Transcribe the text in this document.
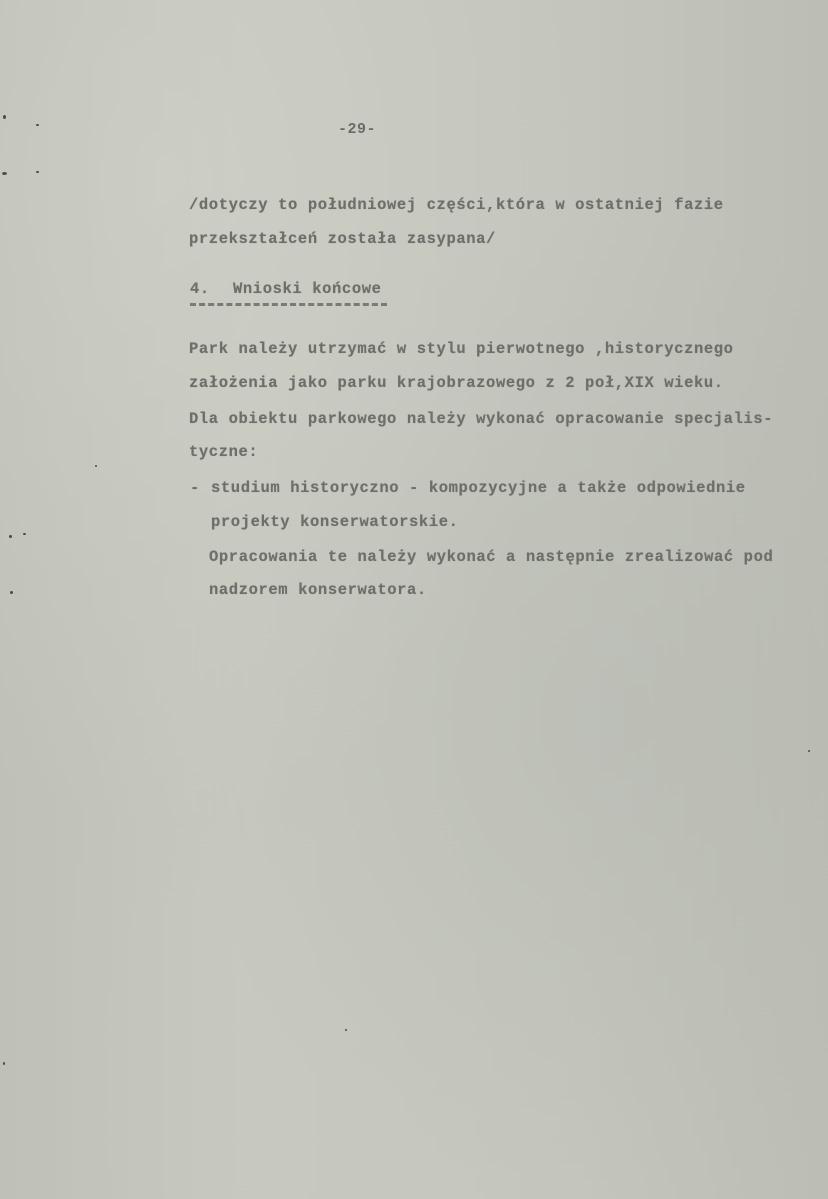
-29-
/dotyczy to południowej części,która w ostatniej fazie
przekształceń została zasypana/
4. Wnioski końcowe
Park należy utrzymać w stylu pierwotnego ,historycznego
założenia jako parku krajobrazowego z 2 poł,XIX wieku.
Dla obiektu parkowego należy wykonać opracowanie specjalis-
tyczne:
- studium historyczno - kompozycyjne a także odpowiednie
projekty konserwatorskie.
Opracowania te należy wykonać a następnie zrealizować pod
nadzorem konserwatora.
